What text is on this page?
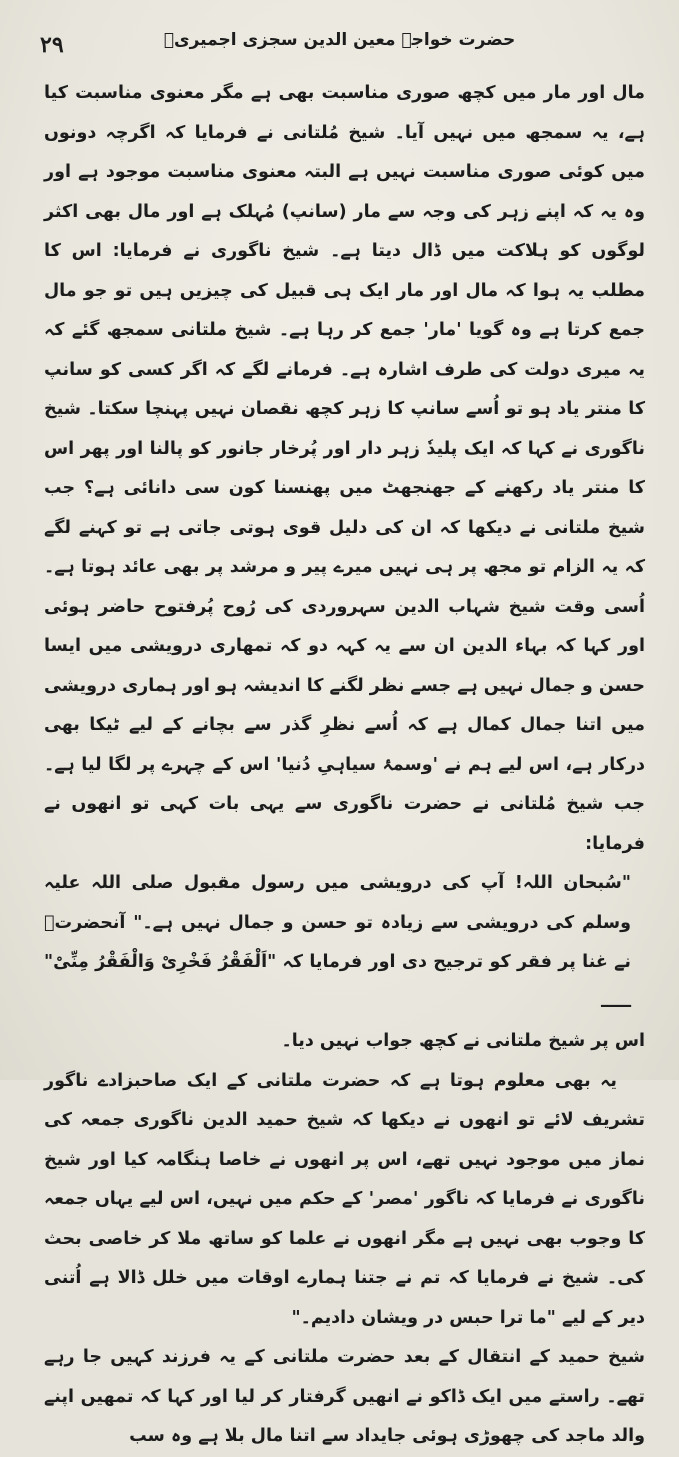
۲۹	حضرت خواجہ معین الدین سجزی اجمیریؒ

مال اور مار میں کچھ صوری مناسبت بھی ہے مگر معنوی مناسبت کیا ہے، یہ سمجھ میں نہیں آیا۔ شیخ مُلتانی نے فرمایا کہ اگرچہ دونوں میں کوئی صوری مناسبت نہیں ہے البتہ معنوی مناسبت موجود ہے اور وہ یہ کہ اپنے زہر کی وجہ سے مار (سانپ) مُہلک ہے اور مال بھی اکثر لوگوں کو ہلاکت میں ڈال دیتا ہے۔ شیخ ناگوری نے فرمایا: اس کا مطلب یہ ہوا کہ مال اور مار ایک ہی قبیل کی چیزیں ہیں تو جو مال جمع کرتا ہے وہ گویا 'مار' جمع کر رہا ہے۔ شیخ ملتانی سمجھ گئے کہ یہ میری دولت کی طرف اشارہ ہے۔ فرمانے لگے کہ اگر کسی کو سانپ کا منتر یاد ہو تو اُسے سانپ کا زہر کچھ نقصان نہیں پہنچا سکتا۔ شیخ ناگوری نے کہا کہ ایک پلیدٗ زہر دار اور پُرخار جانور کو پالنا اور پھر اس کا منتر یاد رکھنے کے جھنجھٹ میں پھنسنا کون سی دانائی ہے؟ جب شیخ ملتانی نے دیکھا کہ ان کی دلیل قوی ہوتی جاتی ہے تو کہنے لگے کہ یہ الزام تو مجھ پر ہی نہیں میرے پیر و مرشد پر بھی عائد ہوتا ہے۔ اُسی وقت شیخ شہاب الدین سہروردی کی رُوح پُرفتوح حاضر ہوئی اور کہا کہ بہاء الدین ان سے یہ کہہ دو کہ تمھاری درویشی میں ایسا حسن و جمال نہیں ہے جسے نظر لگنے کا اندیشہ ہو اور ہماری درویشی میں اتنا جمال کمال ہے کہ اُسے نظرِ گذر سے بچانے کے لیے ٹیکا بھی درکار ہے، اس لیے ہم نے 'وسمۂ سیاہیِ دُنیا' اس کے چہرے پر لگا لیا ہے۔ جب شیخ مُلتانی نے حضرت ناگوری سے یہی بات کہی تو انھوں نے فرمایا:

"سُبحان اللہ! آپ کی درویشی میں رسول مقبول صلی اللہ علیہ وسلم کی درویشی سے زیادہ تو حسن و جمال نہیں ہے۔" آنحضرتؐ نے غنا پر فقر کو ترجیح دی اور فرمایا کہ "اَلْفَقْرُ فَخْرِیْ وَالْفَقْرُ مِنِّیْ" ـــــ

اس پر شیخ ملتانی نے کچھ جواب نہیں دیا۔

یہ بھی معلوم ہوتا ہے کہ حضرت ملتانی کے ایک صاحبزادے ناگور تشریف لائے تو انھوں نے دیکھا کہ شیخ حمید الدین ناگوری جمعہ کی نماز میں موجود نہیں تھے، اس پر انھوں نے خاصا ہنگامہ کیا اور شیخ ناگوری نے فرمایا کہ ناگور 'مصر' کے حکم میں نہیں، اس لیے یہاں جمعہ کا وجوب بھی نہیں ہے مگر انھوں نے علما کو ساتھ ملا کر خاصی بحث کی۔ شیخ نے فرمایا کہ تم نے جتنا ہمارے اوقات میں خلل ڈالا ہے اُتنی دیر کے لیے "ما ترا حبس در ویشان دادیم۔"

شیخ حمید کے انتقال کے بعد حضرت ملتانی کے یہ فرزند کہیں جا رہے تھے۔ راستے میں ایک ڈاکو نے انھیں گرفتار کر لیا اور کہا کہ تمھیں اپنے والد ماجد کی چھوڑی ہوئی جایداد سے اتنا مال بلا ہے وہ سب
